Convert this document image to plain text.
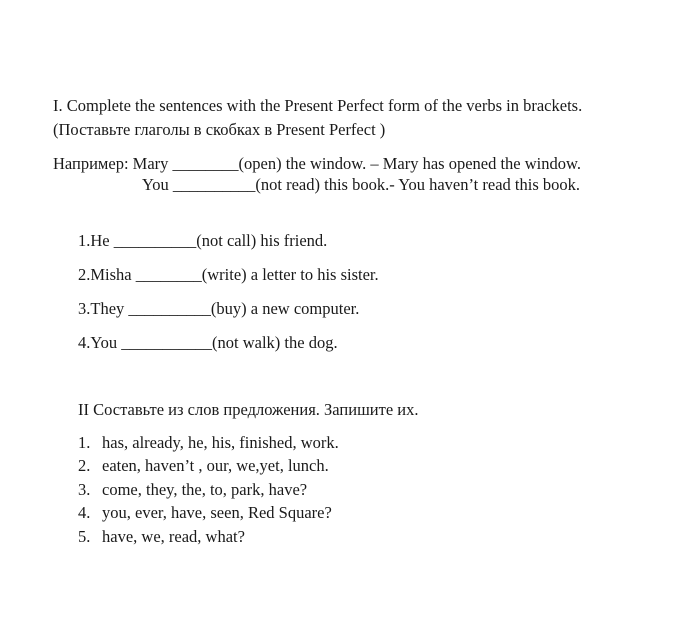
I. Complete the sentences with the Present Perfect form of the verbs in brackets.
(Поставьте глаголы в скобках в Present Perfect )
Например: Mary ________(open) the window. – Mary has opened the window.
You __________(not read) this book.- You haven’t read this book.
1.He __________(not call) his friend.
2.Misha ________(write) a letter to his sister.
3.They __________(buy) a new computer.
4.You ___________(not walk) the dog.
II Составьте из слов предложения. Запишите их.
1. has, already, he, his, finished, work.
2. eaten, haven’t , our, we,yet, lunch.
3. come, they, the, to, park, have?
4. you, ever, have, seen, Red Square?
5. have, we, read, what?
